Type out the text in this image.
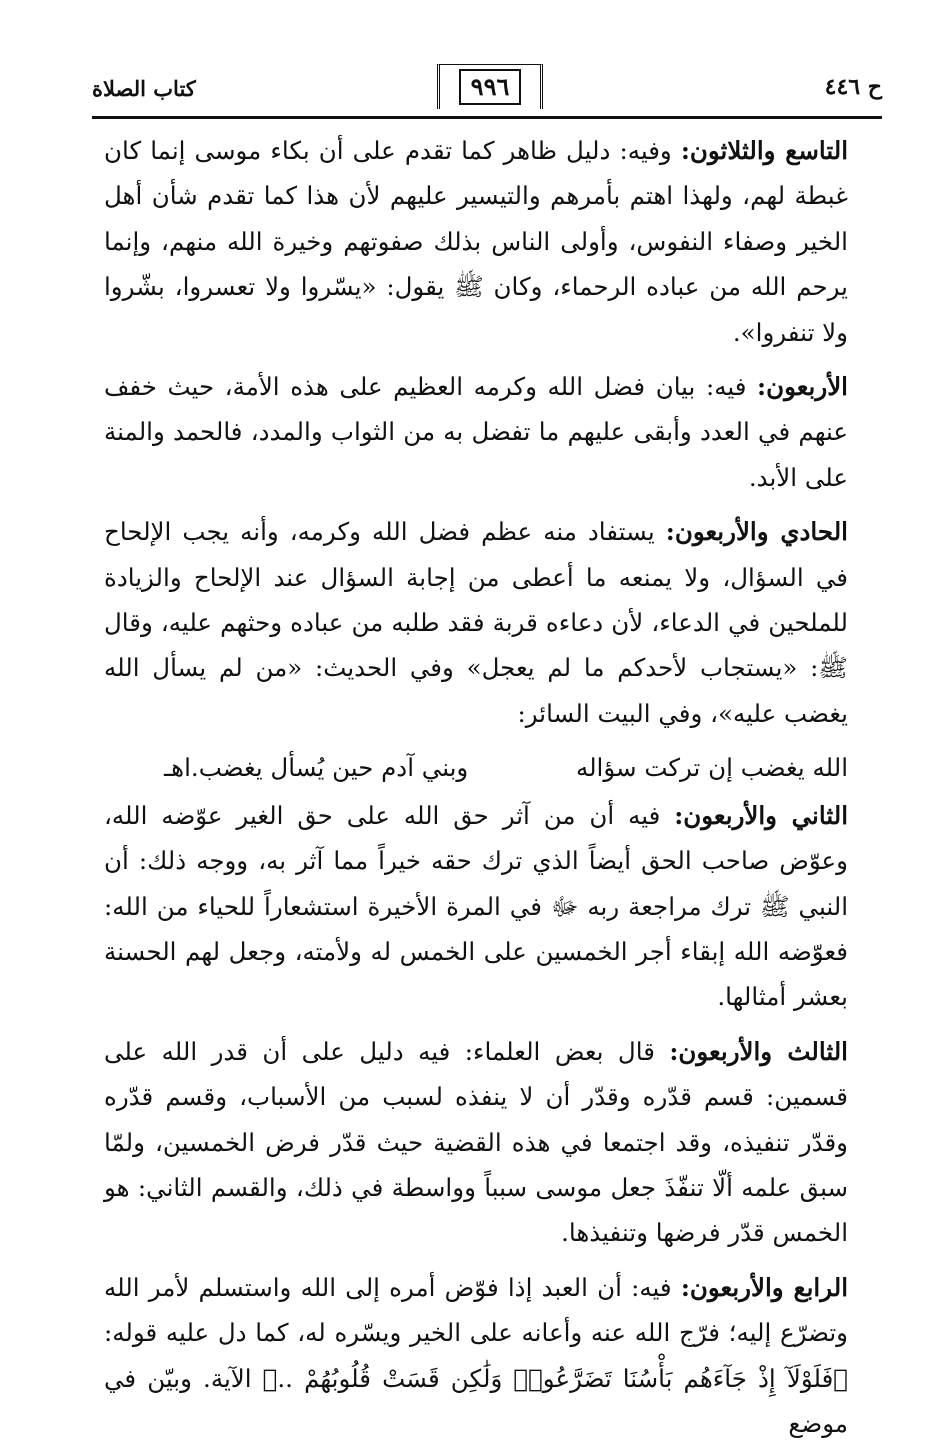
ح ٤٤٦
٩٩٦
كتاب الصلاة

التاسع والثلاثون: وفيه: دليل ظاهر كما تقدم على أن بكاء موسى إنما كان غبطة لهم، ولهذا اهتم بأمرهم والتيسير عليهم لأن هذا كما تقدم شأن أهل الخير وصفاء النفوس، وأولى الناس بذلك صفوتهم وخيرة الله منهم، وإنما يرحم الله من عباده الرحماء، وكان ﷺ يقول: «يسّروا ولا تعسروا، بشّروا ولا تنفروا».

الأربعون: فيه: بيان فضل الله وكرمه العظيم على هذه الأمة، حيث خفف عنهم في العدد وأبقى عليهم ما تفضل به من الثواب والمدد، فالحمد والمنة على الأبد.

الحادي والأربعون: يستفاد منه عظم فضل الله وكرمه، وأنه يجب الإلحاح في السؤال، ولا يمنعه ما أعطى من إجابة السؤال عند الإلحاح والزيادة للملحين في الدعاء، لأن دعاءه قربة فقد طلبه من عباده وحثهم عليه، وقال ﷺ: «يستجاب لأحدكم ما لم يعجل» وفي الحديث: «من لم يسأل الله يغضب عليه»، وفي البيت السائر:

الله يغضب إن تركت سؤاله
وبني آدم حين يُسأل يغضب.اهـ

الثاني والأربعون: فيه أن من آثر حق الله على حق الغير عوّضه الله، وعوّض صاحب الحق أيضاً الذي ترك حقه خيراً مما آثر به، ووجه ذلك: أن النبي ﷺ ترك مراجعة ربه ﷻ في المرة الأخيرة استشعاراً للحياء من الله: فعوّضه الله إبقاء أجر الخمسين على الخمس له ولأمته، وجعل لهم الحسنة بعشر أمثالها.

الثالث والأربعون: قال بعض العلماء: فيه دليل على أن قدر الله على قسمين: قسم قدّره وقدّر أن لا ينفذه لسبب من الأسباب، وقسم قدّره وقدّر تنفيذه، وقد اجتمعا في هذه القضية حيث قدّر فرض الخمسين، ولمّا سبق علمه ألّا تنفّذَ جعل موسى سبباً وواسطة في ذلك، والقسم الثاني: هو الخمس قدّر فرضها وتنفيذها.

الرابع والأربعون: فيه: أن العبد إذا فوّض أمره إلى الله واستسلم لأمر الله وتضرّع إليه؛ فرّج الله عنه وأعانه على الخير ويسّره له، كما دل عليه قوله: ﴿فَلَوْلَآ إِذْ جَآءَهُم بَأْسُنَا تَضَرَّعُوا۟ وَلَٰكِن قَسَتْ قُلُوبُهُمْ ..﴾ الآية. وبيّن في موضع
